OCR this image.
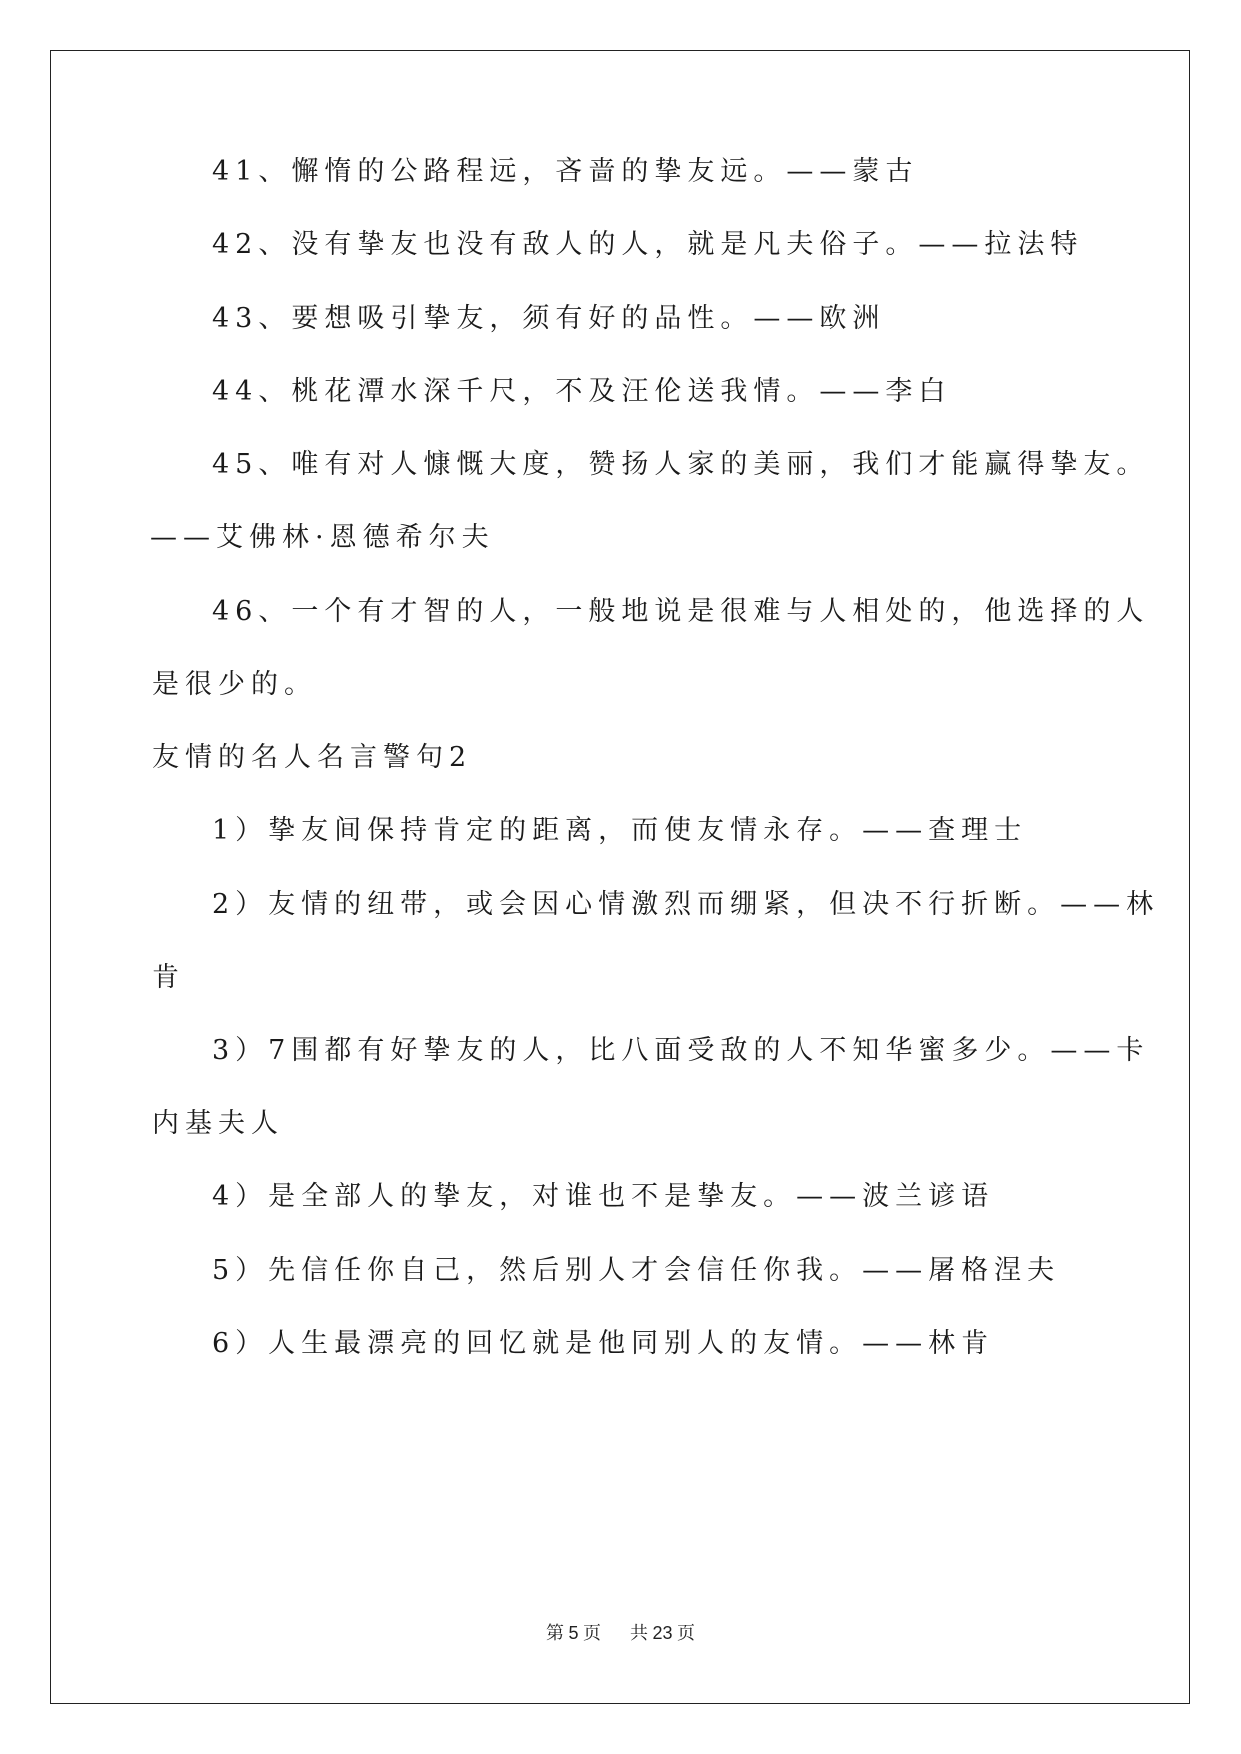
41、懈惰的公路程远，吝啬的挚友远。——蒙古
42、没有挚友也没有敌人的人，就是凡夫俗子。——拉法特
43、要想吸引挚友，须有好的品性。——欧洲
44、桃花潭水深千尺，不及汪伦送我情。——李白
45、唯有对人慷慨大度，赞扬人家的美丽，我们才能赢得挚友。
——艾佛林·恩德希尔夫
46、一个有才智的人，一般地说是很难与人相处的，他选择的人
是很少的。
友情的名人名言警句2
1）挚友间保持肯定的距离，而使友情永存。——查理士
2）友情的纽带，或会因心情激烈而绷紧，但决不行折断。——林
肯
3）7围都有好挚友的人，比八面受敌的人不知华蜜多少。——卡
内基夫人
4）是全部人的挚友，对谁也不是挚友。——波兰谚语
5）先信任你自己，然后别人才会信任你我。——屠格涅夫
6）人生最漂亮的回忆就是他同别人的友情。——林肯
第 5 页 共 23 页
